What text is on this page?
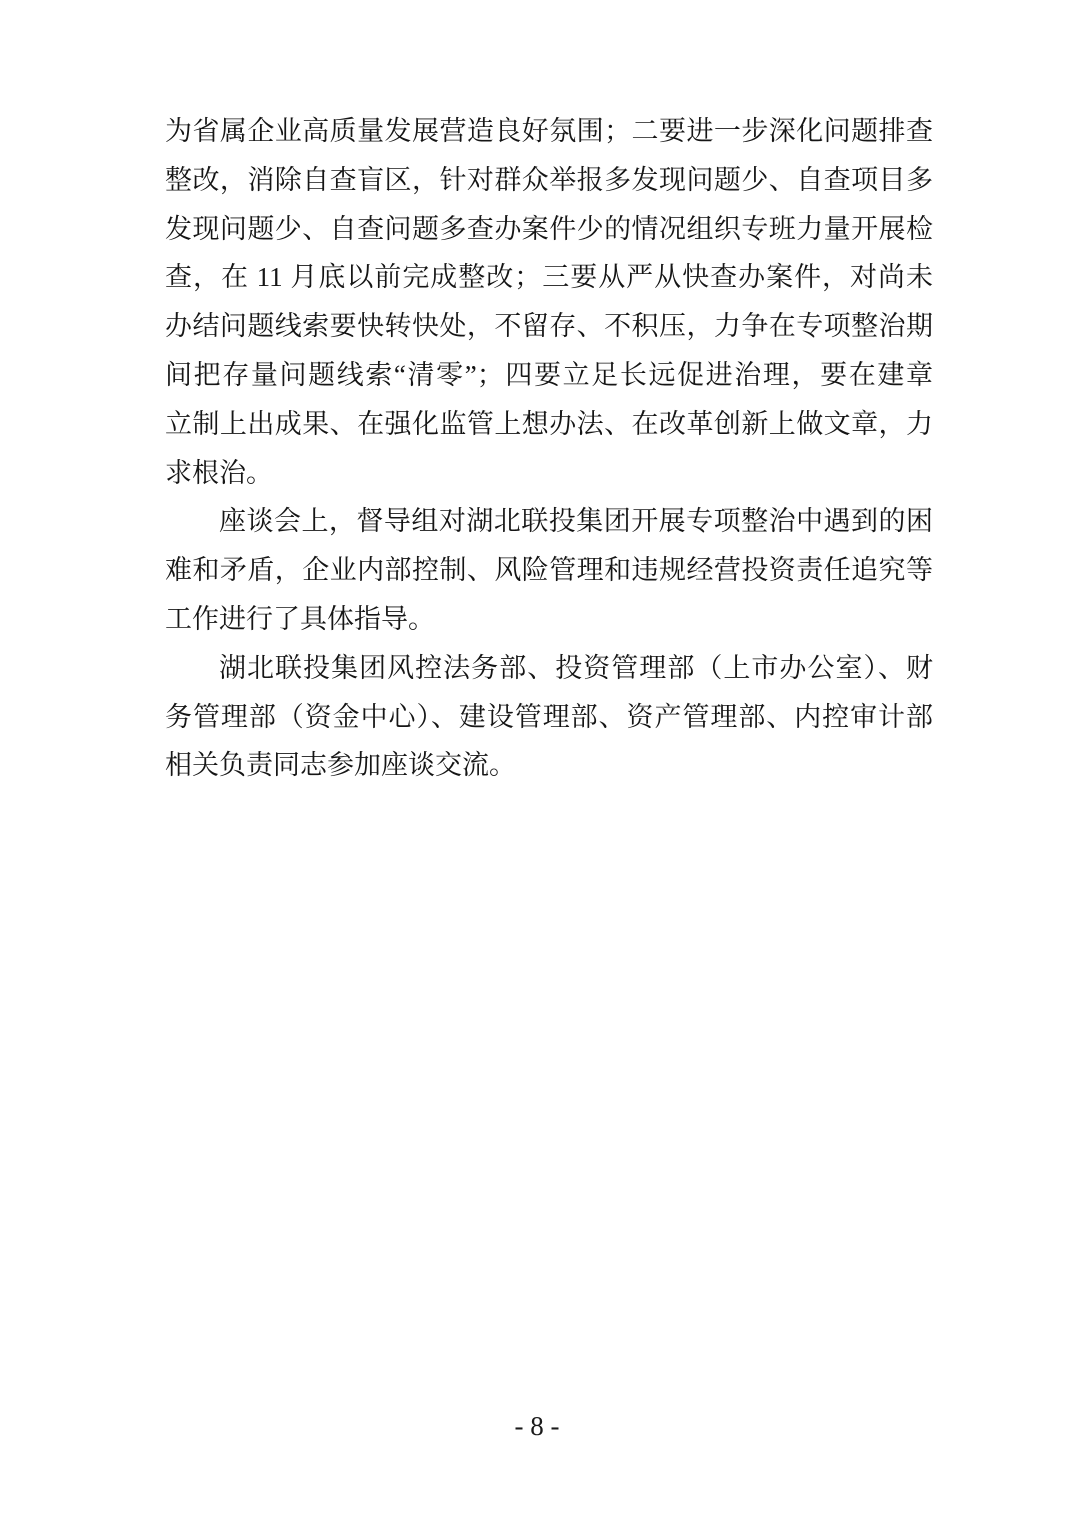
为省属企业高质量发展营造良好氛围；二要进一步深化问题排查
整改，消除自查盲区，针对群众举报多发现问题少、自查项目多
发现问题少、自查问题多查办案件少的情况组织专班力量开展检
查，在 11 月底以前完成整改；三要从严从快查办案件，对尚未
办结问题线索要快转快处，不留存、不积压，力争在专项整治期
间把存量问题线索“清零”；四要立足长远促进治理，要在建章
立制上出成果、在强化监管上想办法、在改革创新上做文章，力
求根治。
座谈会上，督导组对湖北联投集团开展专项整治中遇到的困
难和矛盾，企业内部控制、风险管理和违规经营投资责任追究等
工作进行了具体指导。
湖北联投集团风控法务部、投资管理部（上市办公室）、财
务管理部（资金中心）、建设管理部、资产管理部、内控审计部
相关负责同志参加座谈交流。
- 8 -
